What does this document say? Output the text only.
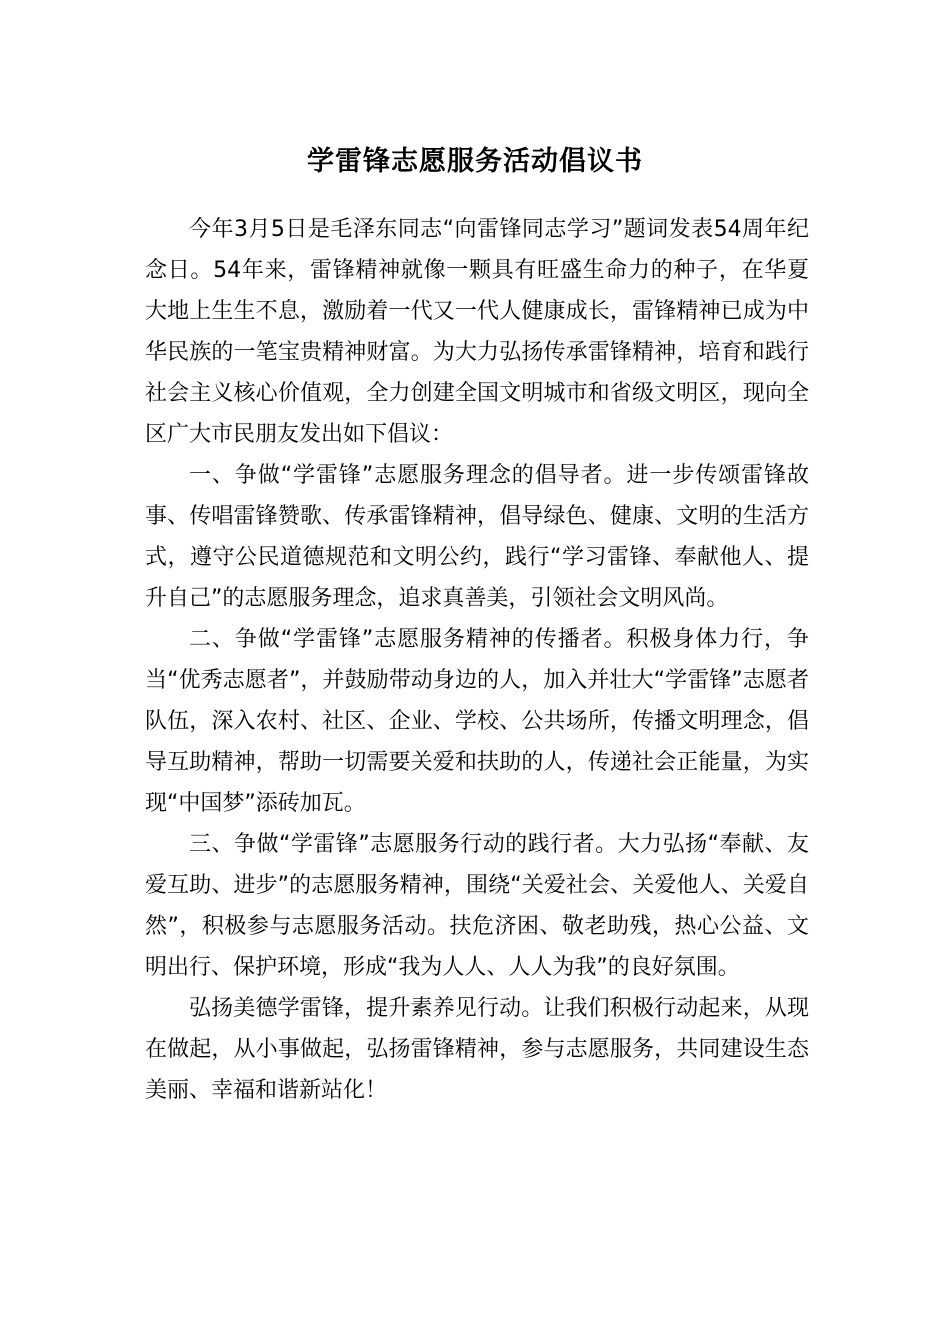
学雷锋志愿服务活动倡议书

今年3月5日是毛泽东同志“向雷锋同志学习”题词发表54周年纪念日。54年来，雷锋精神就像一颗具有旺盛生命力的种子，在华夏大地上生生不息，激励着一代又一代人健康成长，雷锋精神已成为中华民族的一笔宝贵精神财富。为大力弘扬传承雷锋精神，培育和践行社会主义核心价值观，全力创建全国文明城市和省级文明区，现向全区广大市民朋友发出如下倡议：

一、争做“学雷锋”志愿服务理念的倡导者。进一步传颂雷锋故事、传唱雷锋赞歌、传承雷锋精神，倡导绿色、健康、文明的生活方式，遵守公民道德规范和文明公约，践行“学习雷锋、奉献他人、提升自己”的志愿服务理念，追求真善美，引领社会文明风尚。

二、争做“学雷锋”志愿服务精神的传播者。积极身体力行，争当“优秀志愿者”，并鼓励带动身边的人，加入并壮大“学雷锋”志愿者队伍，深入农村、社区、企业、学校、公共场所，传播文明理念，倡导互助精神，帮助一切需要关爱和扶助的人，传递社会正能量，为实现“中国梦”添砖加瓦。

三、争做“学雷锋”志愿服务行动的践行者。大力弘扬“奉献、友爱互助、进步”的志愿服务精神，围绕“关爱社会、关爱他人、关爱自然”，积极参与志愿服务活动。扶危济困、敬老助残，热心公益、文明出行、保护环境，形成“我为人人、人人为我”的良好氛围。

弘扬美德学雷锋，提升素养见行动。让我们积极行动起来，从现在做起，从小事做起，弘扬雷锋精神，参与志愿服务，共同建设生态美丽、幸福和谐新站化！
